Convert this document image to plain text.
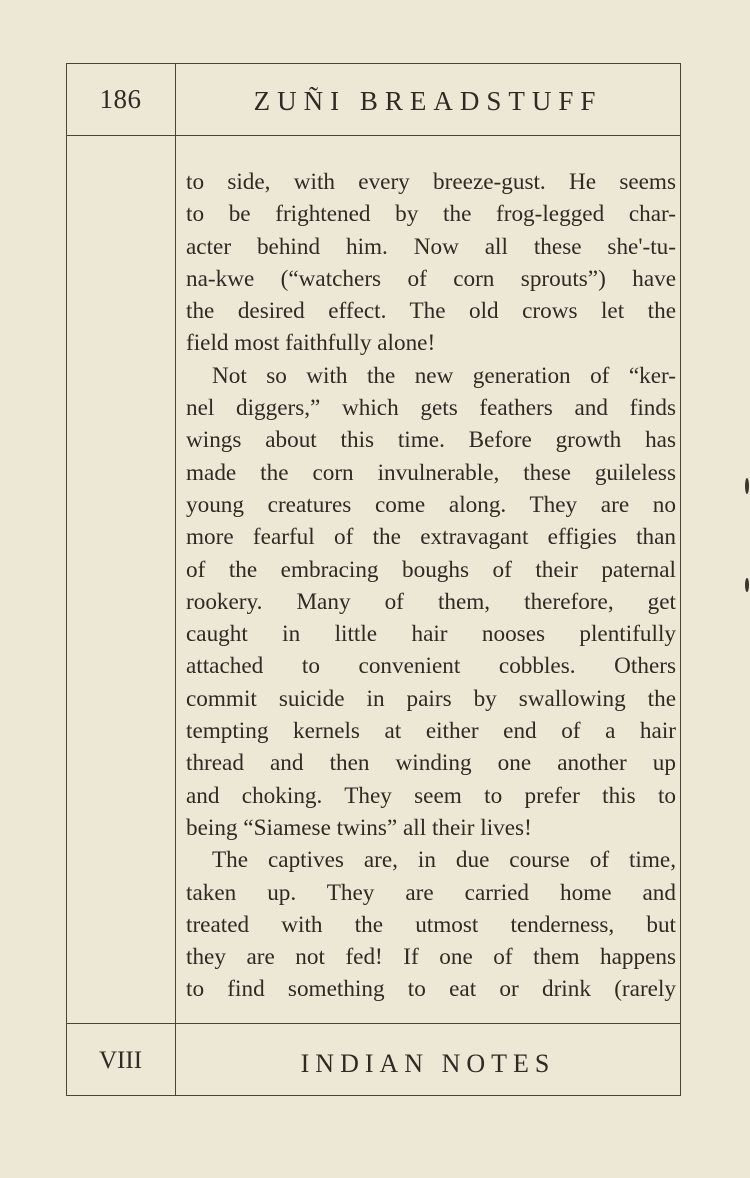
186	ZUÑI BREADSTUFF
to side, with every breeze-gust. He seems
to be frightened by the frog-legged char-
acter behind him. Now all these she'-tu-
na-kwe (“watchers of corn sprouts”) have
the desired effect. The old crows let the
field most faithfully alone!
Not so with the new generation of “ker-
nel diggers,” which gets feathers and finds
wings about this time. Before growth has
made the corn invulnerable, these guileless
young creatures come along. They are no
more fearful of the extravagant effigies than
of the embracing boughs of their paternal
rookery. Many of them, therefore, get
caught in little hair nooses plentifully
attached to convenient cobbles. Others
commit suicide in pairs by swallowing the
tempting kernels at either end of a hair
thread and then winding one another up
and choking. They seem to prefer this to
being “Siamese twins” all their lives!
The captives are, in due course of time,
taken up. They are carried home and
treated with the utmost tenderness, but
they are not fed! If one of them happens
to find something to eat or drink (rarely
VIII	INDIAN NOTES
